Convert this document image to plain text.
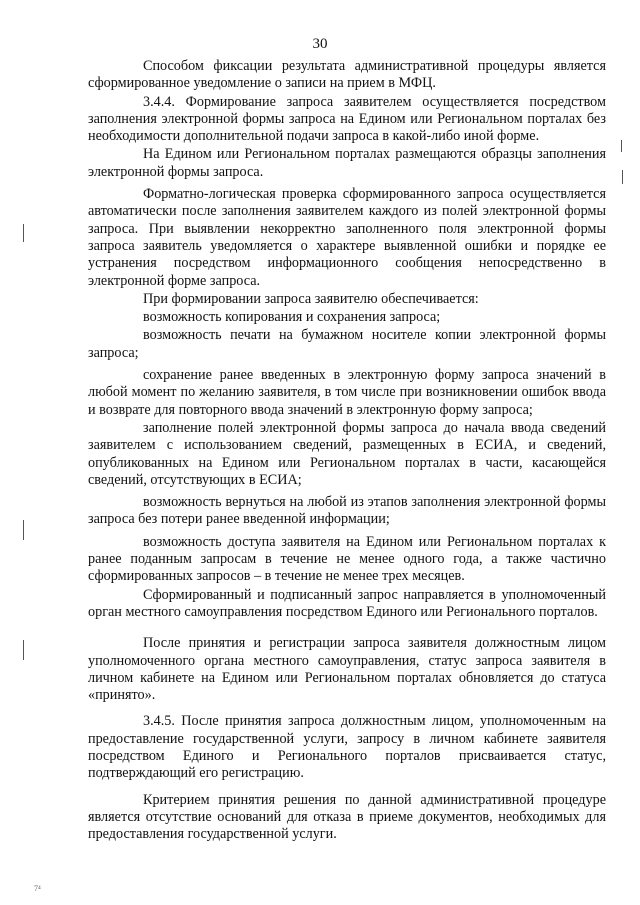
30

Способом фиксации результата административной процедуры является сформированное уведомление о записи на прием в МФЦ.

3.4.4. Формирование запроса заявителем осуществляется посредством заполнения электронной формы запроса на Едином или Региональном порталах без необходимости дополнительной подачи запроса в какой-либо иной форме.

На Едином или Региональном порталах размещаются образцы заполнения электронной формы запроса.

Форматно-логическая проверка сформированного запроса осуществляется автоматически после заполнения заявителем каждого из полей электронной формы запроса. При выявлении некорректно заполненного поля электронной формы запроса заявитель уведомляется о характере выявленной ошибки и порядке ее устранения посредством информационного сообщения непосредственно в электронной форме запроса.

При формировании запроса заявителю обеспечивается:

возможность копирования и сохранения запроса;

возможность печати на бумажном носителе копии электронной формы запроса;

сохранение ранее введенных в электронную форму запроса значений в любой момент по желанию заявителя, в том числе при возникновении ошибок ввода и возврате для повторного ввода значений в электронную форму запроса;

заполнение полей электронной формы запроса до начала ввода сведений заявителем с использованием сведений, размещенных в ЕСИА, и сведений, опубликованных на Едином или Региональном порталах в части, касающейся сведений, отсутствующих в ЕСИА;

возможность вернуться на любой из этапов заполнения электронной формы запроса без потери ранее введенной информации;

возможность доступа заявителя на Едином или Региональном порталах к ранее поданным запросам в течение не менее одного года, а также частично сформированных запросов – в течение не менее трех месяцев.

Сформированный и подписанный запрос направляется в уполномоченный орган местного самоуправления посредством Единого или Регионального порталов.

После принятия и регистрации запроса заявителя должностным лицом уполномоченного органа местного самоуправления, статус запроса заявителя в личном кабинете на Едином или Региональном порталах обновляется до статуса «принято».

3.4.5. После принятия запроса должностным лицом, уполномоченным на предоставление государственной услуги, запросу в личном кабинете заявителя посредством Единого и Регионального порталов присваивается статус, подтверждающий его регистрацию.

Критерием принятия решения по данной административной процедуре является отсутствие оснований для отказа в приеме документов, необходимых для предоставления государственной услуги.

7⁴
